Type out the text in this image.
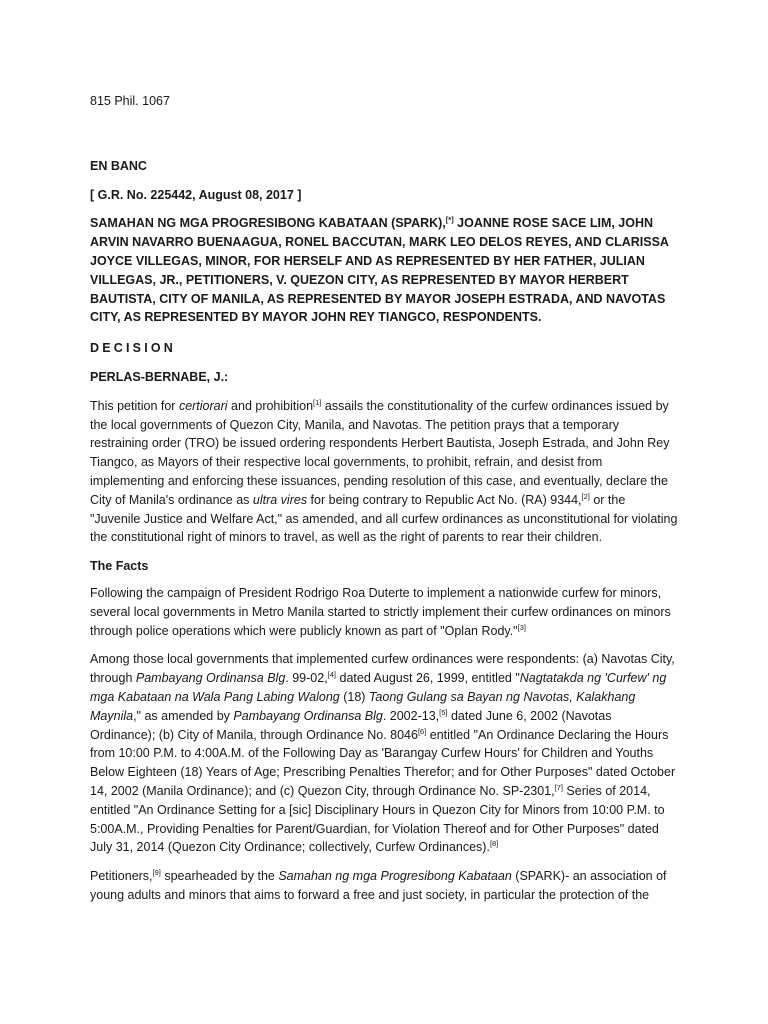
815 Phil. 1067

EN BANC

[ G.R. No. 225442, August 08, 2017 ]

SAMAHAN NG MGA PROGRESIBONG KABATAAN (SPARK),[*] JOANNE ROSE SACE LIM, JOHN ARVIN NAVARRO BUENAAGUA, RONEL BACCUTAN, MARK LEO DELOS REYES, AND CLARISSA JOYCE VILLEGAS, MINOR, FOR HERSELF AND AS REPRESENTED BY HER FATHER, JULIAN VILLEGAS, JR., PETITIONERS, V. QUEZON CITY, AS REPRESENTED BY MAYOR HERBERT BAUTISTA, CITY OF MANILA, AS REPRESENTED BY MAYOR JOSEPH ESTRADA, AND NAVOTAS CITY, AS REPRESENTED BY MAYOR JOHN REY TIANGCO, RESPONDENTS.

DECISION

PERLAS-BERNABE, J.:

This petition for certiorari and prohibition[1] assails the constitutionality of the curfew ordinances issued by the local governments of Quezon City, Manila, and Navotas. The petition prays that a temporary restraining order (TRO) be issued ordering respondents Herbert Bautista, Joseph Estrada, and John Rey Tiangco, as Mayors of their respective local governments, to prohibit, refrain, and desist from implementing and enforcing these issuances, pending resolution of this case, and eventually, declare the City of Manila's ordinance as ultra vires for being contrary to Republic Act No. (RA) 9344,[2] or the "Juvenile Justice and Welfare Act," as amended, and all curfew ordinances as unconstitutional for violating the constitutional right of minors to travel, as well as the right of parents to rear their children.

The Facts

Following the campaign of President Rodrigo Roa Duterte to implement a nationwide curfew for minors, several local governments in Metro Manila started to strictly implement their curfew ordinances on minors through police operations which were publicly known as part of "Oplan Rody."[3]

Among those local governments that implemented curfew ordinances were respondents: (a) Navotas City, through Pambayang Ordinansa Blg. 99-02,[4] dated August 26, 1999, entitled "Nagtatakda ng 'Curfew' ng mga Kabataan na Wala Pang Labing Walong (18) Taong Gulang sa Bayan ng Navotas, Kalakhang Maynila," as amended by Pambayang Ordinansa Blg. 2002-13,[5] dated June 6, 2002 (Navotas Ordinance); (b) City of Manila, through Ordinance No. 8046[6] entitled "An Ordinance Declaring the Hours from 10:00 P.M. to 4:00A.M. of the Following Day as 'Barangay Curfew Hours' for Children and Youths Below Eighteen (18) Years of Age; Prescribing Penalties Therefor; and for Other Purposes" dated October 14, 2002 (Manila Ordinance); and (c) Quezon City, through Ordinance No. SP-2301,[7] Series of 2014, entitled "An Ordinance Setting for a [sic] Disciplinary Hours in Quezon City for Minors from 10:00 P.M. to 5:00A.M., Providing Penalties for Parent/Guardian, for Violation Thereof and for Other Purposes" dated July 31, 2014 (Quezon City Ordinance; collectively, Curfew Ordinances).[8]

Petitioners,[9] spearheaded by the Samahan ng mga Progresibong Kabataan (SPARK)- an association of young adults and minors that aims to forward a free and just society, in particular the protection of the
